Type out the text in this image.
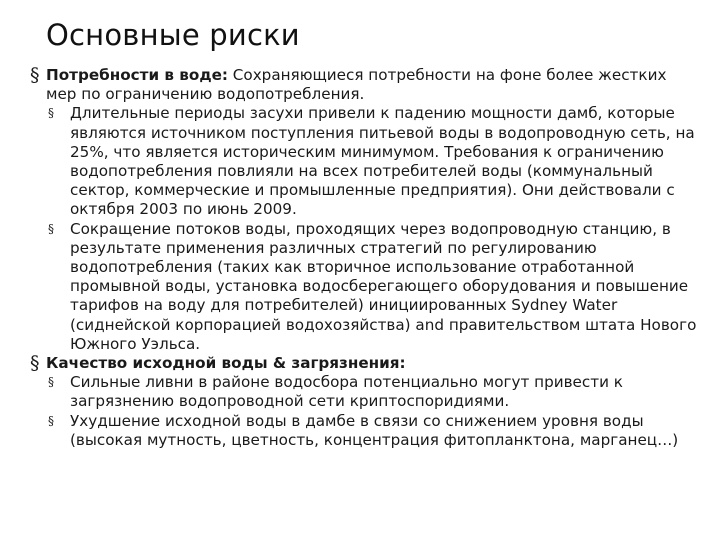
Основные риски

§ Потребности в воде: Сохраняющиеся потребности на фоне более жестких мер по ограничению водопотребления.

§ Длительные периоды засухи привели к падению мощности дамб, которые являются источником поступления питьевой воды в водопроводную сеть, на 25%, что является историческим минимумом. Требования к ограничению водопотребления повлияли на всех потребителей воды (коммунальный сектор, коммерческие и промышленные предприятия). Они действовали с октября 2003 по июнь 2009.

§ Сокращение потоков воды, проходящих через водопроводную станцию, в результате применения различных стратегий по регулированию водопотребления (таких как вторичное использование отработанной промывной воды, установка водосберегающего оборудования и повышение тарифов на воду для потребителей) инициированных Sydney Water (сиднейской корпорацией водохозяйства) and правительством штата Нового Южного Уэльса.

§ Качество исходной воды & загрязнения:

§ Сильные ливни в районе водосбора потенциально могут привести к загрязнению водопроводной сети криптоспоридиями.

§ Ухудшение исходной воды в дамбе в связи со снижением уровня воды (высокая мутность, цветность, концентрация фитопланктона, марганец…)
